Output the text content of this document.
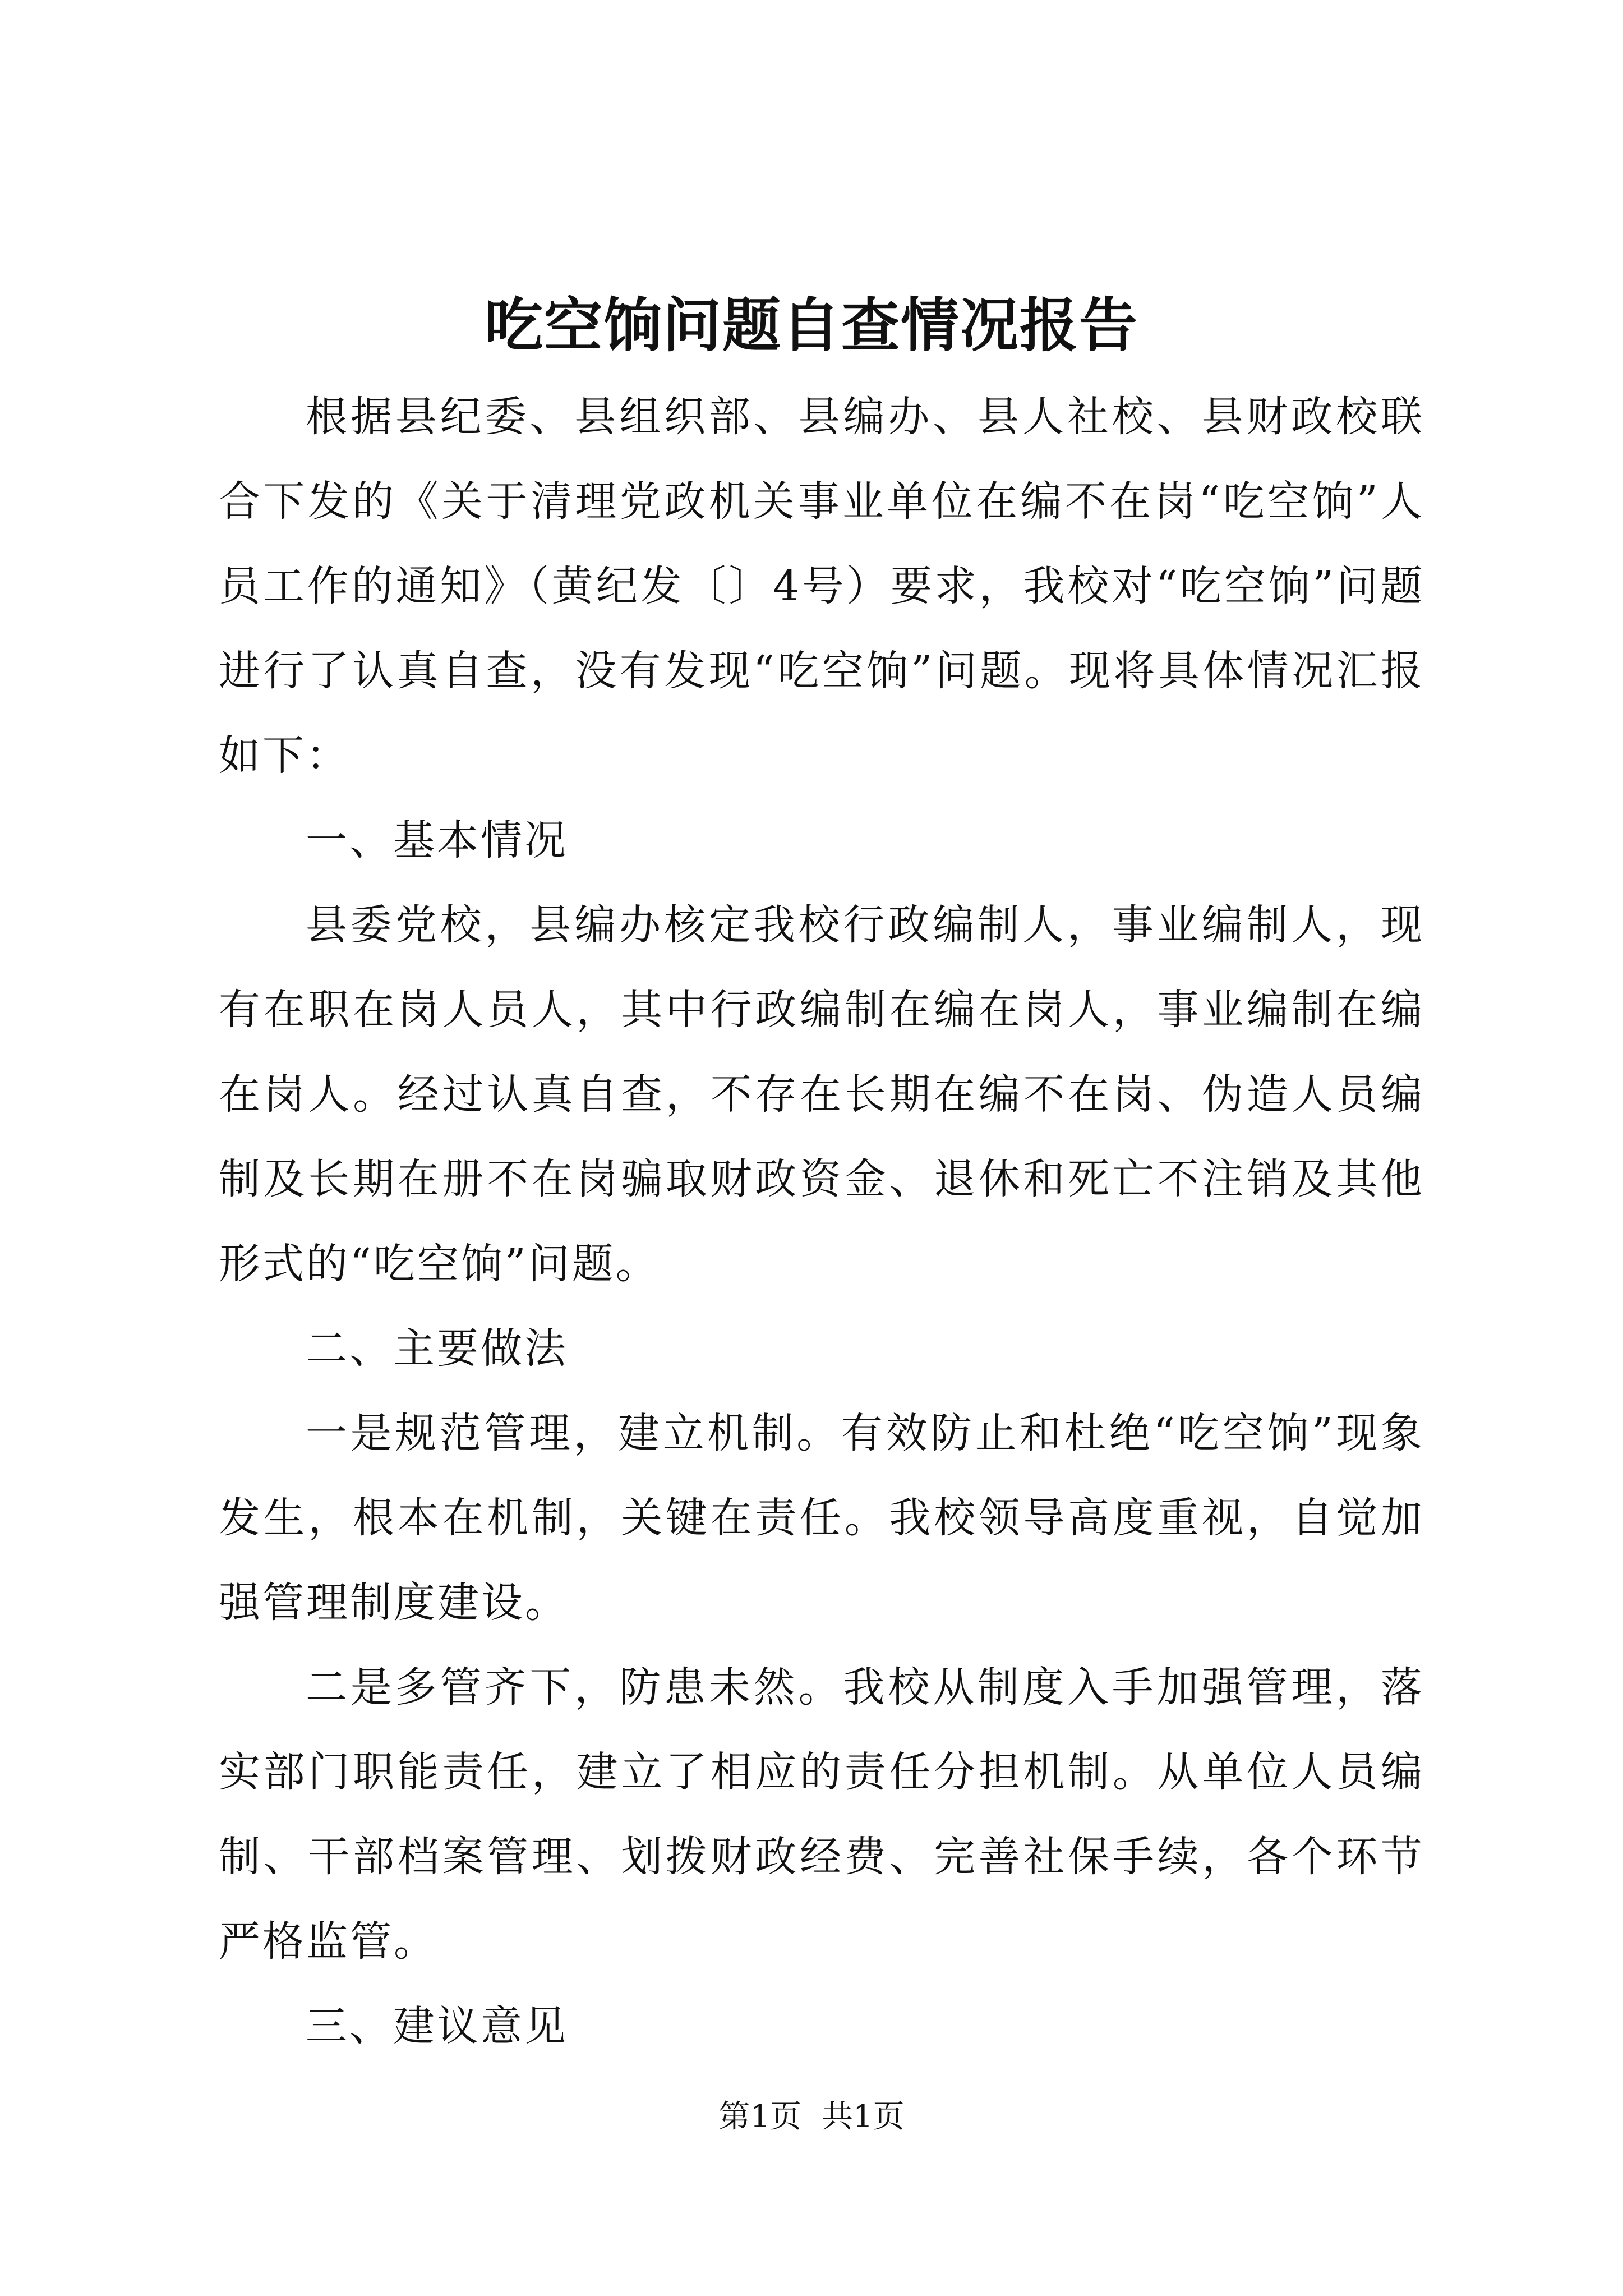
吃空饷问题自查情况报告

根据县纪委、县组织部、县编办、县人社校、县财政校联合下发的《关于清理党政机关事业单位在编不在岗“吃空饷”人员工作的通知》（黄纪发〔〕4号）要求，我校对“吃空饷”问题进行了认真自查，没有发现“吃空饷”问题。现将具体情况汇报如下：

一、基本情况

县委党校，县编办核定我校行政编制人，事业编制人，现有在职在岗人员人，其中行政编制在编在岗人，事业编制在编在岗人。经过认真自查，不存在长期在编不在岗、伪造人员编制及长期在册不在岗骗取财政资金、退休和死亡不注销及其他形式的“吃空饷”问题。

二、主要做法

一是规范管理，建立机制。有效防止和杜绝“吃空饷”现象发生，根本在机制，关键在责任。我校领导高度重视，自觉加强管理制度建设。

二是多管齐下，防患未然。我校从制度入手加强管理，落实部门职能责任，建立了相应的责任分担机制。从单位人员编制、干部档案管理、划拨财政经费、完善社保手续，各个环节严格监管。

三、建议意见

第1页 共1页
